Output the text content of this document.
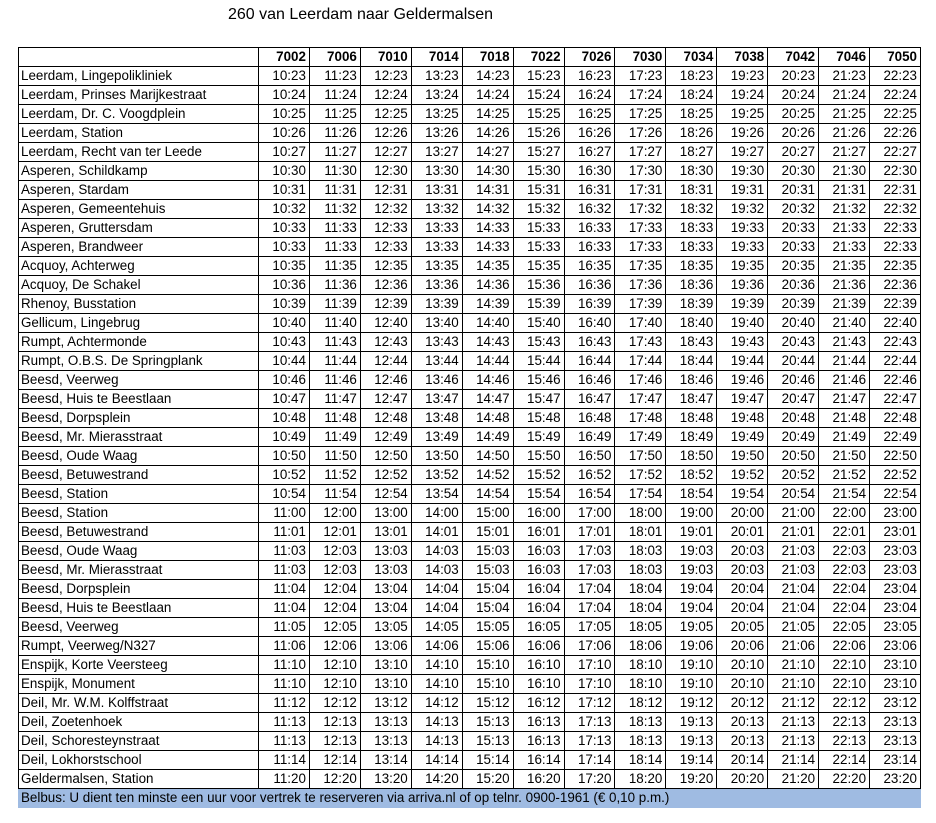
260 van Leerdam naar Geldermalsen
	7002	7006	7010	7014	7018	7022	7026	7030	7034	7038	7042	7046	7050
Leerdam, Lingepolikliniek	10:23	11:23	12:23	13:23	14:23	15:23	16:23	17:23	18:23	19:23	20:23	21:23	22:23
Leerdam, Prinses Marijkestraat	10:24	11:24	12:24	13:24	14:24	15:24	16:24	17:24	18:24	19:24	20:24	21:24	22:24
Leerdam, Dr. C. Voogdplein	10:25	11:25	12:25	13:25	14:25	15:25	16:25	17:25	18:25	19:25	20:25	21:25	22:25
Leerdam, Station	10:26	11:26	12:26	13:26	14:26	15:26	16:26	17:26	18:26	19:26	20:26	21:26	22:26
Leerdam, Recht van ter Leede	10:27	11:27	12:27	13:27	14:27	15:27	16:27	17:27	18:27	19:27	20:27	21:27	22:27
Asperen, Schildkamp	10:30	11:30	12:30	13:30	14:30	15:30	16:30	17:30	18:30	19:30	20:30	21:30	22:30
Asperen, Stardam	10:31	11:31	12:31	13:31	14:31	15:31	16:31	17:31	18:31	19:31	20:31	21:31	22:31
Asperen, Gemeentehuis	10:32	11:32	12:32	13:32	14:32	15:32	16:32	17:32	18:32	19:32	20:32	21:32	22:32
Asperen, Gruttersdam	10:33	11:33	12:33	13:33	14:33	15:33	16:33	17:33	18:33	19:33	20:33	21:33	22:33
Asperen, Brandweer	10:33	11:33	12:33	13:33	14:33	15:33	16:33	17:33	18:33	19:33	20:33	21:33	22:33
Acquoy, Achterweg	10:35	11:35	12:35	13:35	14:35	15:35	16:35	17:35	18:35	19:35	20:35	21:35	22:35
Acquoy, De Schakel	10:36	11:36	12:36	13:36	14:36	15:36	16:36	17:36	18:36	19:36	20:36	21:36	22:36
Rhenoy, Busstation	10:39	11:39	12:39	13:39	14:39	15:39	16:39	17:39	18:39	19:39	20:39	21:39	22:39
Gellicum, Lingebrug	10:40	11:40	12:40	13:40	14:40	15:40	16:40	17:40	18:40	19:40	20:40	21:40	22:40
Rumpt, Achtermonde	10:43	11:43	12:43	13:43	14:43	15:43	16:43	17:43	18:43	19:43	20:43	21:43	22:43
Rumpt, O.B.S. De Springplank	10:44	11:44	12:44	13:44	14:44	15:44	16:44	17:44	18:44	19:44	20:44	21:44	22:44
Beesd, Veerweg	10:46	11:46	12:46	13:46	14:46	15:46	16:46	17:46	18:46	19:46	20:46	21:46	22:46
Beesd, Huis te Beestlaan	10:47	11:47	12:47	13:47	14:47	15:47	16:47	17:47	18:47	19:47	20:47	21:47	22:47
Beesd, Dorpsplein	10:48	11:48	12:48	13:48	14:48	15:48	16:48	17:48	18:48	19:48	20:48	21:48	22:48
Beesd, Mr. Mierasstraat	10:49	11:49	12:49	13:49	14:49	15:49	16:49	17:49	18:49	19:49	20:49	21:49	22:49
Beesd, Oude Waag	10:50	11:50	12:50	13:50	14:50	15:50	16:50	17:50	18:50	19:50	20:50	21:50	22:50
Beesd, Betuwestrand	10:52	11:52	12:52	13:52	14:52	15:52	16:52	17:52	18:52	19:52	20:52	21:52	22:52
Beesd, Station	10:54	11:54	12:54	13:54	14:54	15:54	16:54	17:54	18:54	19:54	20:54	21:54	22:54
Beesd, Station	11:00	12:00	13:00	14:00	15:00	16:00	17:00	18:00	19:00	20:00	21:00	22:00	23:00
Beesd, Betuwestrand	11:01	12:01	13:01	14:01	15:01	16:01	17:01	18:01	19:01	20:01	21:01	22:01	23:01
Beesd, Oude Waag	11:03	12:03	13:03	14:03	15:03	16:03	17:03	18:03	19:03	20:03	21:03	22:03	23:03
Beesd, Mr. Mierasstraat	11:03	12:03	13:03	14:03	15:03	16:03	17:03	18:03	19:03	20:03	21:03	22:03	23:03
Beesd, Dorpsplein	11:04	12:04	13:04	14:04	15:04	16:04	17:04	18:04	19:04	20:04	21:04	22:04	23:04
Beesd, Huis te Beestlaan	11:04	12:04	13:04	14:04	15:04	16:04	17:04	18:04	19:04	20:04	21:04	22:04	23:04
Beesd, Veerweg	11:05	12:05	13:05	14:05	15:05	16:05	17:05	18:05	19:05	20:05	21:05	22:05	23:05
Rumpt, Veerweg/N327	11:06	12:06	13:06	14:06	15:06	16:06	17:06	18:06	19:06	20:06	21:06	22:06	23:06
Enspijk, Korte Veersteeg	11:10	12:10	13:10	14:10	15:10	16:10	17:10	18:10	19:10	20:10	21:10	22:10	23:10
Enspijk, Monument	11:10	12:10	13:10	14:10	15:10	16:10	17:10	18:10	19:10	20:10	21:10	22:10	23:10
Deil, Mr. W.M. Kolffstraat	11:12	12:12	13:12	14:12	15:12	16:12	17:12	18:12	19:12	20:12	21:12	22:12	23:12
Deil, Zoetenhoek	11:13	12:13	13:13	14:13	15:13	16:13	17:13	18:13	19:13	20:13	21:13	22:13	23:13
Deil, Schoresteynstraat	11:13	12:13	13:13	14:13	15:13	16:13	17:13	18:13	19:13	20:13	21:13	22:13	23:13
Deil, Lokhorstschool	11:14	12:14	13:14	14:14	15:14	16:14	17:14	18:14	19:14	20:14	21:14	22:14	23:14
Geldermalsen, Station	11:20	12:20	13:20	14:20	15:20	16:20	17:20	18:20	19:20	20:20	21:20	22:20	23:20
Belbus: U dient ten minste een uur voor vertrek te reserveren via arriva.nl of op telnr. 0900-1961 (€ 0,10 p.m.)													
